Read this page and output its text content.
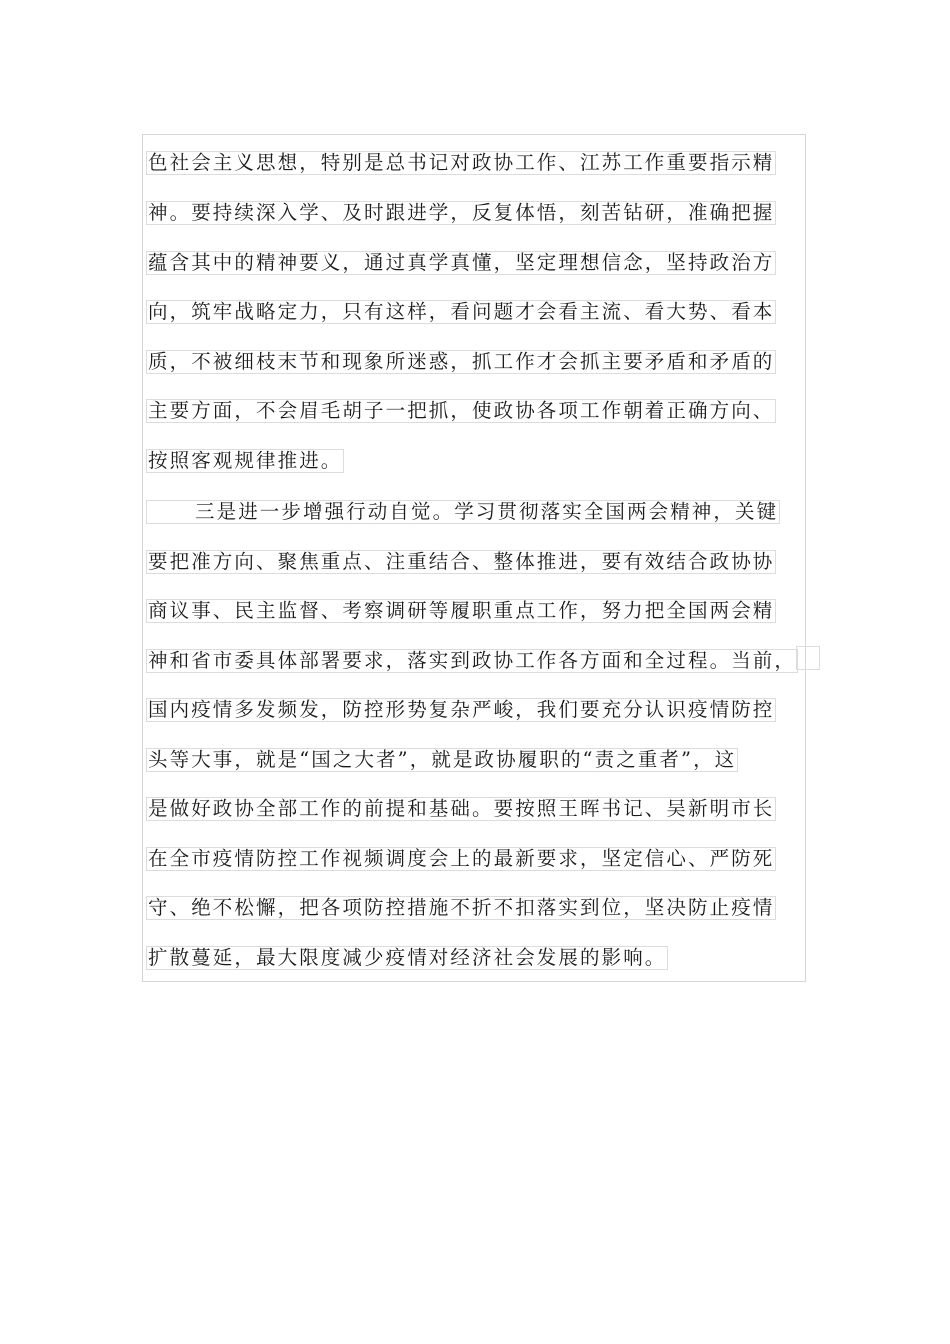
色社会主义思想，特别是总书记对政协工作、江苏工作重要指示精
神。要持续深入学、及时跟进学，反复体悟，刻苦钻研，准确把握
蕴含其中的精神要义，通过真学真懂，坚定理想信念，坚持政治方
向，筑牢战略定力，只有这样，看问题才会看主流、看大势、看本
质，不被细枝末节和现象所迷惑，抓工作才会抓主要矛盾和矛盾的
主要方面，不会眉毛胡子一把抓，使政协各项工作朝着正确方向、
按照客观规律推进。
三是进一步增强行动自觉。学习贯彻落实全国两会精神，关键
要把准方向、聚焦重点、注重结合、整体推进，要有效结合政协协
商议事、民主监督、考察调研等履职重点工作，努力把全国两会精
神和省市委具体部署要求，落实到政协工作各方面和全过程。当前，
国内疫情多发频发，防控形势复杂严峻，我们要充分认识疫情防控
头等大事，就是“国之大者”，就是政协履职的“责之重者”，这
是做好政协全部工作的前提和基础。要按照王晖书记、吴新明市长
在全市疫情防控工作视频调度会上的最新要求，坚定信心、严防死
守、绝不松懈，把各项防控措施不折不扣落实到位，坚决防止疫情
扩散蔓延，最大限度减少疫情对经济社会发展的影响。
